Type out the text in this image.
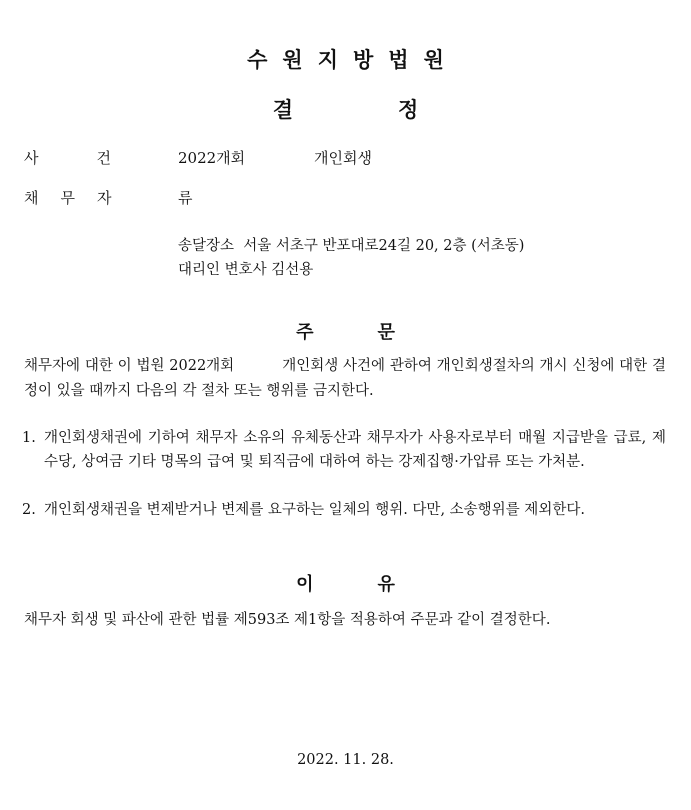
수원지방법원
결정
사건 2022개회	개인회생
채무자	류
송달장소  서울 서초구 반포대로24길 20, 2층 (서초동)
대리인 변호사 김선용
주문
채무자에 대한 이 법원 2022개회          개인회생 사건에 관하여 개인회생절차의 개시 신청에 대한 결정이 있을 때까지 다음의 각 절차 또는 행위를 금지한다.
1. 개인회생채권에 기하여 채무자 소유의 유체동산과 채무자가 사용자로부터 매월 지급받을 급료, 제수당, 상여금 기타 명목의 급여 및 퇴직금에 대하여 하는 강제집행·가압류 또는 가처분.
2. 개인회생채권을 변제받거나 변제를 요구하는 일체의 행위. 다만, 소송행위를 제외한다.
이유
채무자 회생 및 파산에 관한 법률 제593조 제1항을 적용하여 주문과 같이 결정한다.
2022. 11. 28.
